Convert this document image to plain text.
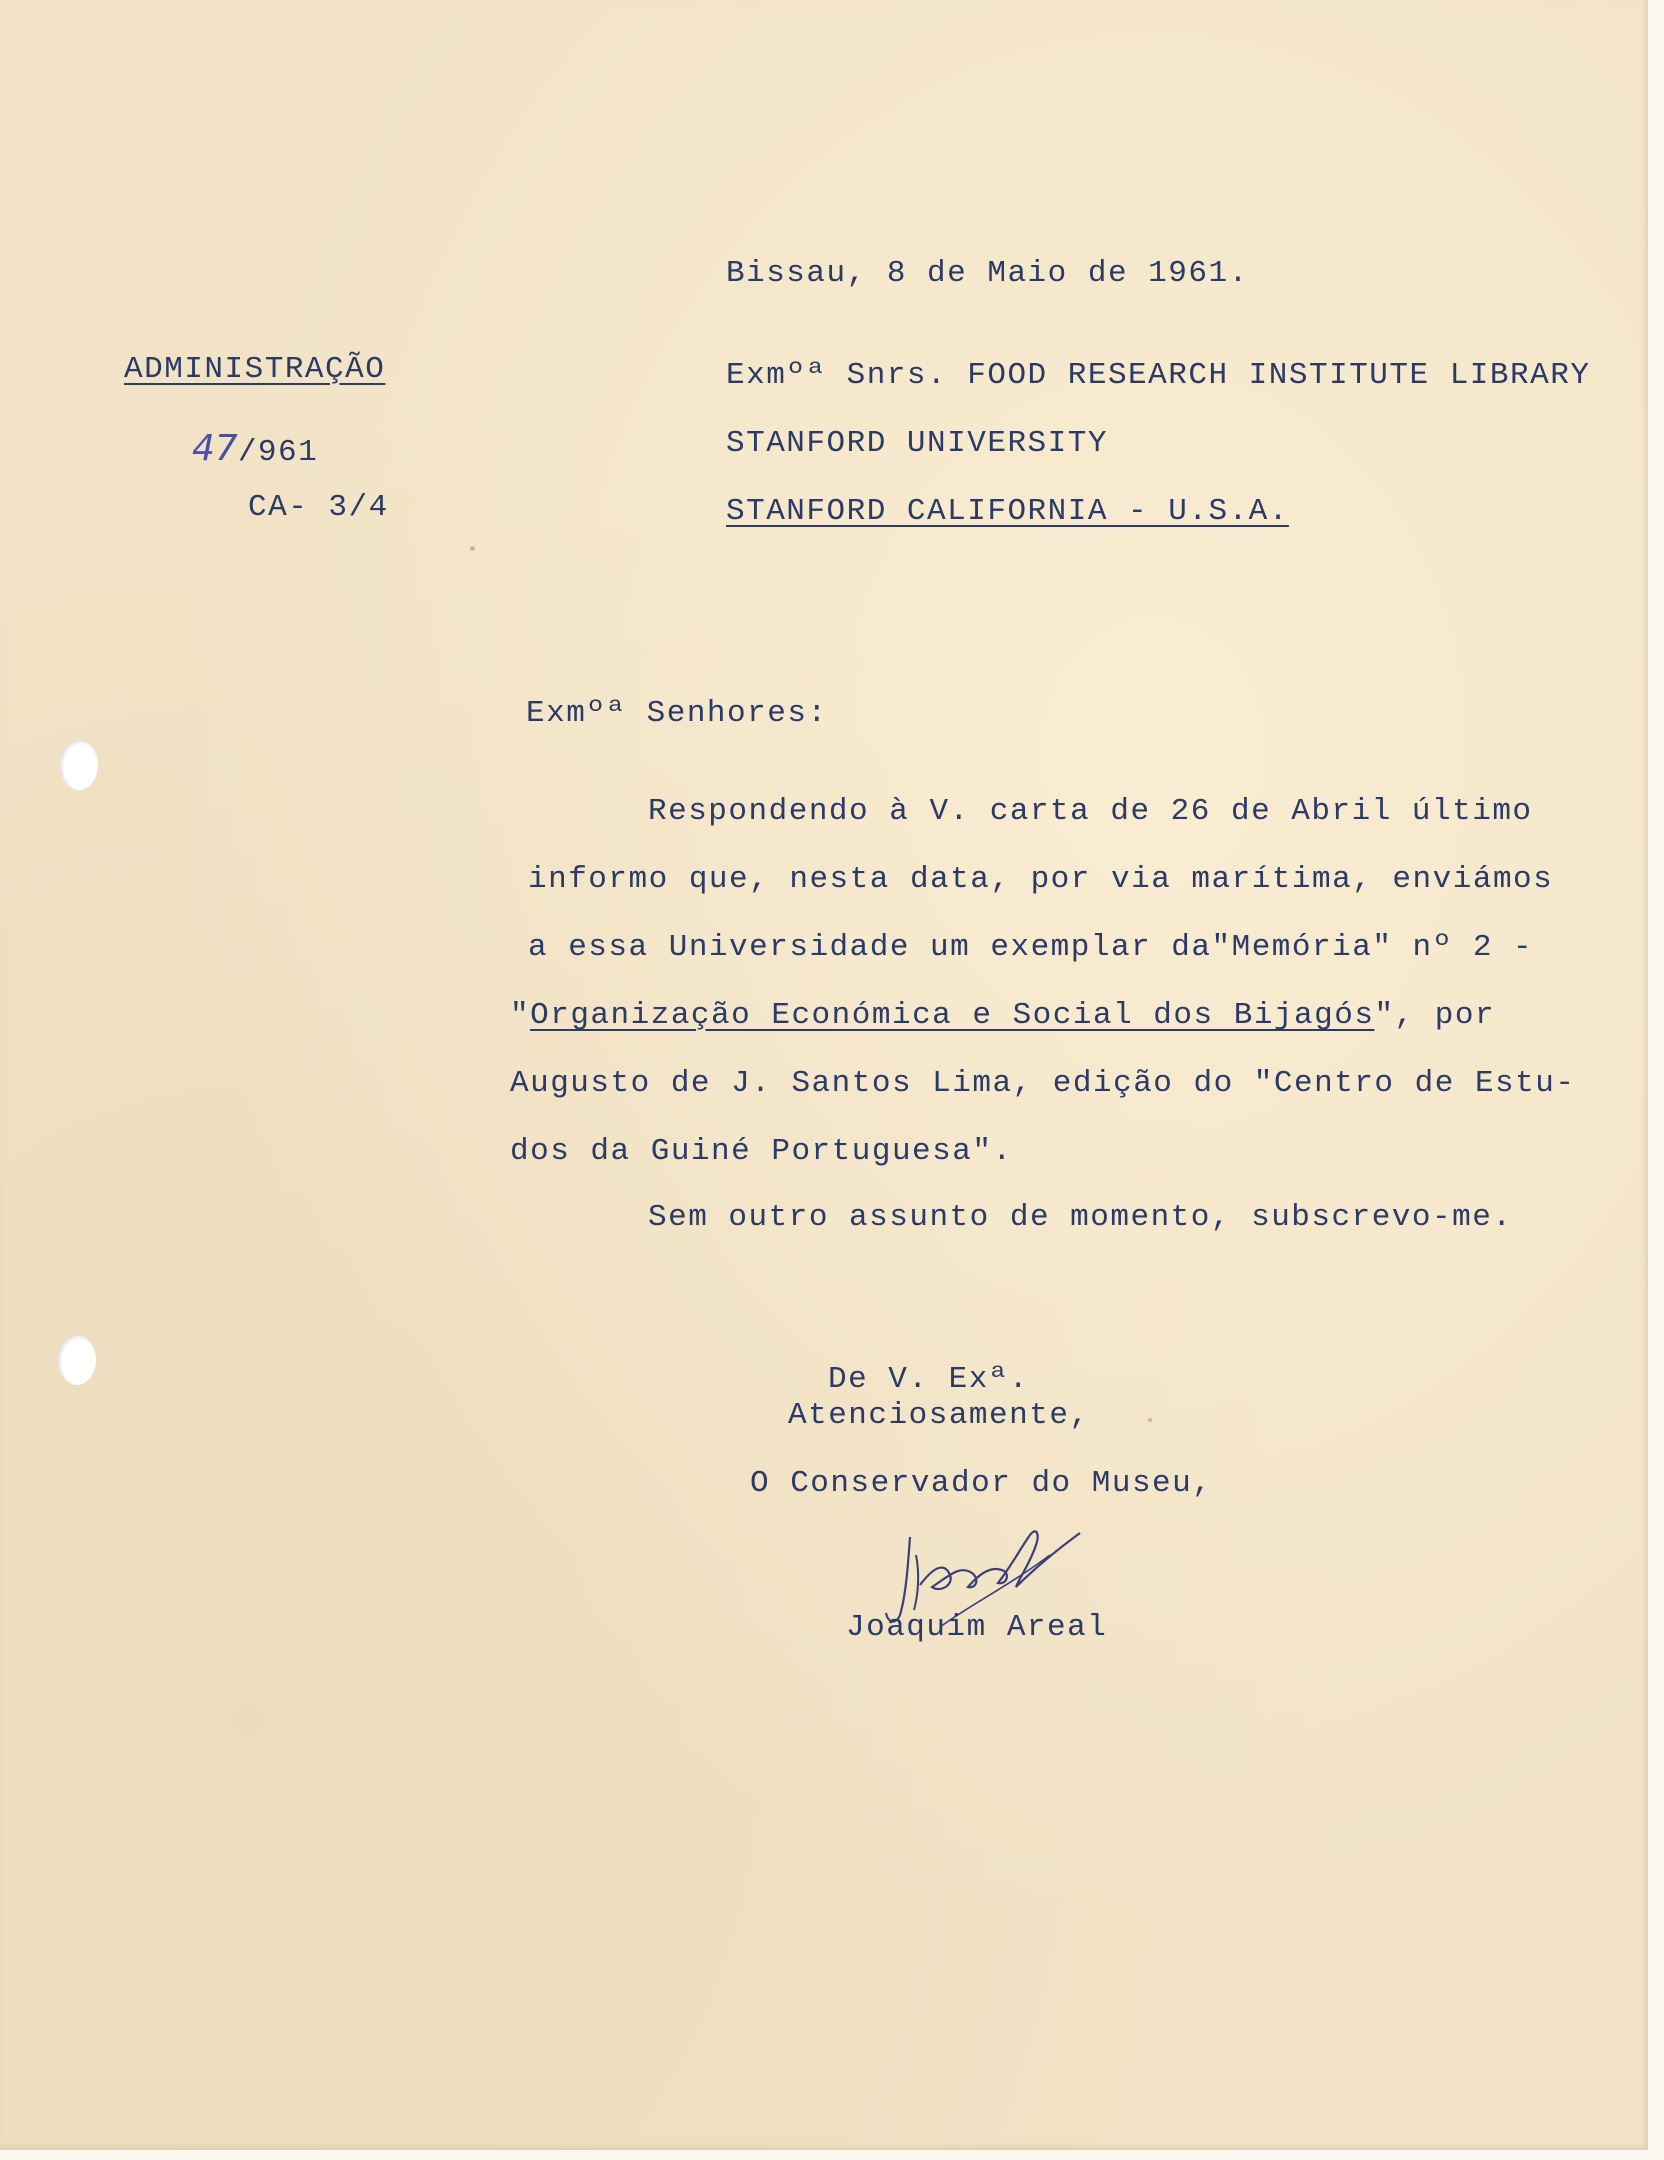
Bissau, 8 de Maio de 1961.
ADMINISTRAÇÃO
47/961
CA- 3/4
Exmºª Snrs. FOOD RESEARCH INSTITUTE LIBRARY
STANFORD UNIVERSITY
STANFORD CALIFORNIA - U.S.A.
Exmºª Senhores:
Respondendo à V. carta de 26 de Abril último
informo que, nesta data, por via marítima, enviámos
a essa Universidade um exemplar da"Memória" nº 2 -
"Organização Económica e Social dos Bijagós", por
Augusto de J. Santos Lima, edição do "Centro de Estu-
dos da Guiné Portuguesa".
Sem outro assunto de momento, subscrevo-me.
De V. Exª.
Atenciosamente,
O Conservador do Museu,
Joaquim Areal
